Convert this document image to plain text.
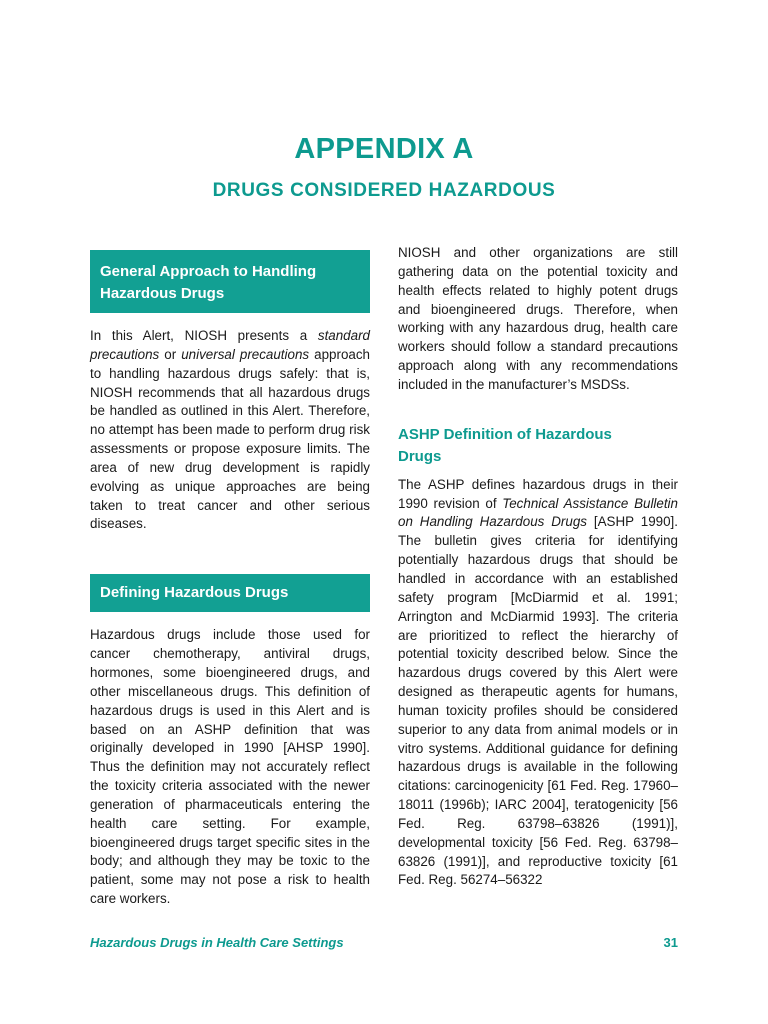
APPENDIX A
DRUGS CONSIDERED HAZARDOUS
General Approach to Handling
Hazardous Drugs

In this Alert, NIOSH presents a standard precautions or universal precautions approach to handling hazardous drugs safely: that is, NIOSH recommends that all hazardous drugs be handled as outlined in this Alert. Therefore, no attempt has been made to perform drug risk assessments or propose exposure limits. The area of new drug development is rapidly evolving as unique approaches are being taken to treat cancer and other serious diseases.

Defining Hazardous Drugs

Hazardous drugs include those used for cancer chemotherapy, antiviral drugs, hormones, some bioengineered drugs, and other miscellaneous drugs. This definition of hazardous drugs is used in this Alert and is based on an ASHP definition that was originally developed in 1990 [AHSP 1990]. Thus the definition may not accurately reflect the toxicity criteria associated with the newer generation of pharmaceuticals entering the health care setting. For example, bioengineered drugs target specific sites in the body; and although they may be toxic to the patient, some may not pose a risk to health care workers.

NIOSH and other organizations are still gathering data on the potential toxicity and health effects related to highly potent drugs and bioengineered drugs. Therefore, when working with any hazardous drug, health care workers should follow a standard precautions approach along with any recommendations included in the manufacturer’s MSDSs.

ASHP Definition of Hazardous
Drugs

The ASHP defines hazardous drugs in their 1990 revision of Technical Assistance Bulletin on Handling Hazardous Drugs [ASHP 1990]. The bulletin gives criteria for identifying potentially hazardous drugs that should be handled in accordance with an established safety program [McDiarmid et al. 1991; Arrington and McDiarmid 1993]. The criteria are prioritized to reflect the hierarchy of potential toxicity described below. Since the hazardous drugs covered by this Alert were designed as therapeutic agents for humans, human toxicity profiles should be considered superior to any data from animal models or in vitro systems. Additional guidance for defining hazardous drugs is available in the following citations: carcinogenicity [61 Fed. Reg. 17960–18011 (1996b); IARC 2004], teratogenicity [56 Fed. Reg. 63798–63826 (1991)], developmental toxicity [56 Fed. Reg. 63798–63826 (1991)], and reproductive toxicity [61 Fed. Reg. 56274–56322

Hazardous Drugs in Health Care Settings	31
